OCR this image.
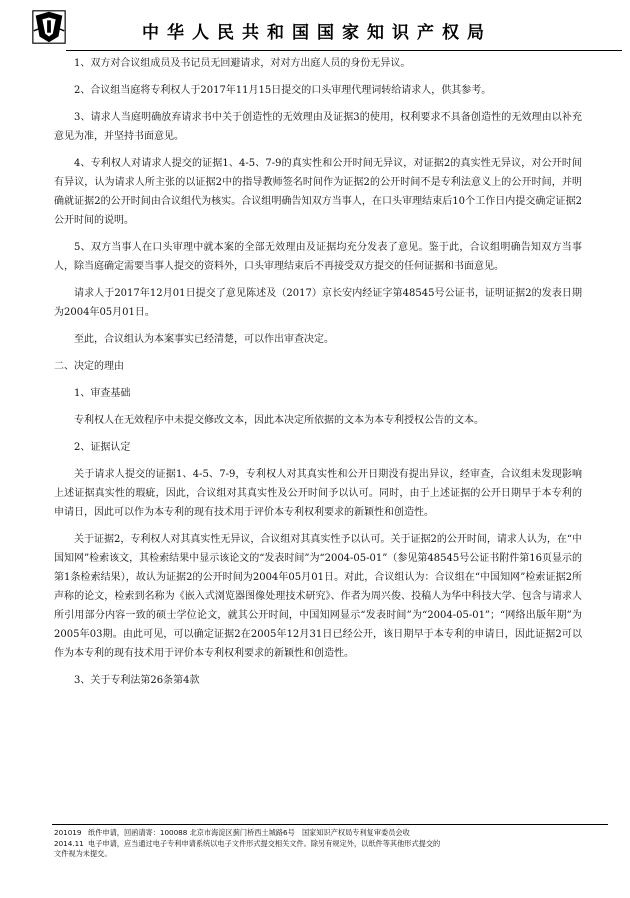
中华人民共和国国家知识产权局

1、双方对合议组成员及书记员无回避请求，对对方出庭人员的身份无异议。

2、合议组当庭将专利权人于2017年11月15日提交的口头审理代理词转给请求人，供其参考。

3、请求人当庭明确放弃请求书中关于创造性的无效理由及证据3的使用，权利要求不具备创造性的无效理由以补充意见为准，并坚持书面意见。

4、专利权人对请求人提交的证据1、4-5、7-9的真实性和公开时间无异议，对证据2的真实性无异议，对公开时间有异议，认为请求人所主张的以证据2中的指导教师签名时间作为证据2的公开时间不是专利法意义上的公开时间，并明确就证据2的公开时间由合议组代为核实。合议组明确告知双方当事人，在口头审理结束后10个工作日内提交确定证据2公开时间的说明。

5、双方当事人在口头审理中就本案的全部无效理由及证据均充分发表了意见。鉴于此，合议组明确告知双方当事人，除当庭确定需要当事人提交的资料外，口头审理结束后不再接受双方提交的任何证据和书面意见。

请求人于2017年12月01日提交了意见陈述及（2017）京长安内经证字第48545号公证书，证明证据2的发表日期为2004年05月01日。

至此，合议组认为本案事实已经清楚，可以作出审查决定。

二、决定的理由

1、审查基础

专利权人在无效程序中未提交修改文本，因此本决定所依据的文本为本专利授权公告的文本。

2、证据认定

关于请求人提交的证据1、4-5、7-9，专利权人对其真实性和公开日期没有提出异议，经审查，合议组未发现影响上述证据真实性的瑕疵，因此，合议组对其真实性及公开时间予以认可。同时，由于上述证据的公开日期早于本专利的申请日，因此可以作为本专利的现有技术用于评价本专利权利要求的新颖性和创造性。

关于证据2，专利权人对其真实性无异议，合议组对其真实性予以认可。关于证据2的公开时间，请求人认为，在“中国知网”检索该文，其检索结果中显示该论文的“发表时间”为“2004-05-01”（参见第48545号公证书附件第16页显示的第1条检索结果），故认为证据2的公开时间为2004年05月01日。对此，合议组认为：合议组在“中国知网”检索证据2所声称的论文，检索到名称为《嵌入式浏览器图像处理技术研究》、作者为周兴俊、投稿人为华中科技大学、包含与请求人所引用部分内容一致的硕士学位论文，就其公开时间，中国知网显示“发表时间”为“2004-05-01”；“网络出版年期”为2005年03期。由此可见，可以确定证据2在2005年12月31日已经公开，该日期早于本专利的申请日，因此证据2可以作为本专利的现有技术用于评价本专利权利要求的新颖性和创造性。

3、关于专利法第26条第4款

201019 纸件申请，回函请寄：100088 北京市海淀区蓟门桥西土城路6号　国家知识产权局专利复审委员会收
2014.11 电子申请，应当通过电子专利申请系统以电子文件形式提交相关文件。除另有规定外，以纸件等其他形式提交的
文件视为未提交。
